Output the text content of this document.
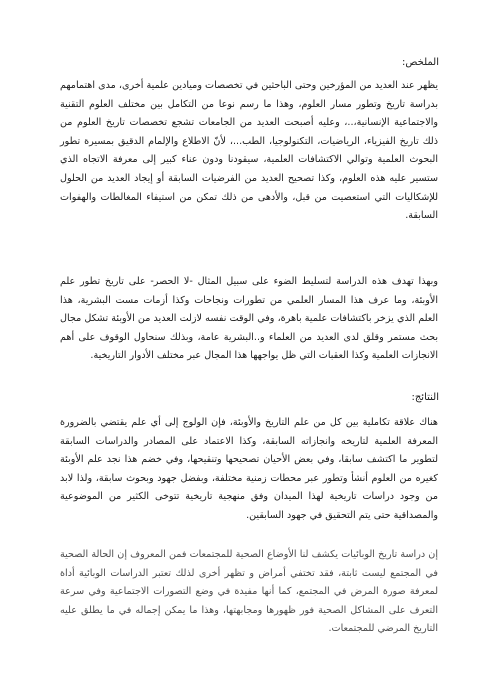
الملخص:

يظهر عند العديد من المؤرخين وحتى الباحثين في تخصصات وميادين علمية أخرى، مدى اهتمامهم بدراسة تاريخ وتطور مسار العلوم، وهذا ما رسم نوعا من التكامل بين مختلف العلوم التقنية والاجتماعية الإنسانية،..، وعليه أصبحت العديد من الجامعات تشجع تخصصات تاريخ العلوم من ذلك تاريخ الفيزياء، الرياضيات، التكنولوجيا، الطب...، لأنّ الاطلاع والإلمام الدقيق بمسيرة تطور البحوث العلمية وتوالي الاكتشافات العلمية، سيقودنا ودون عناء كبير إلى معرفة الاتجاه الذي ستسير عليه هذه العلوم، وكذا تصحيح العديد من الفرضيات السابقة أو إيجاد العديد من الحلول للإشكاليات التي استعصيت من قبل، والأدهى من ذلك تمكن من استيفاء المغالطات والهفوات السابقة.

وبهذا تهدف هذه الدراسة لتسليط الضوء على سبيل المثال -لا الحصر- على تاريخ تطور علم الأوبئة، وما عرف هذا المسار العلمي من تطورات ونجاحات وكذا أزمات مست البشرية، هذا العلم الذي يزخر باكتشافات علمية باهرة، وفي الوقت نفسه لازلت العديد من الأوبئة تشكل مجال بحث مستمر وقلق لدى العديد من العلماء و..البشرية عامة، وبذلك سنحاول الوقوف على أهم الانجازات العلمية وكذا العقبات التي ظل يواجهها هذا المجال عبر مختلف الأدوار التاريخية.

النتائج:

هناك علاقة تكاملية بين كل من علم التاريخ والأوبئة، فإن الولوج إلى أي علم يقتضي بالضرورة المعرفة العلمية لتاريخه وانجازاته السابقة، وكذا الاعتماد على المصادر والدراسات السابقة لتطوير ما اكتشف سابقا، وفي بعض الأحيان تصحيحها وتنقيحها، وفي خضم هذا نجد علم الأوبئة كغيره من العلوم أنشأ وتطور عبر محطات زمنية مختلفة، وبفضل جهود وبحوث سابقة، ولذا لابد من وجود دراسات تاريخية لهذا الميدان وفق منهجية تاريخية تتوخى الكثير من الموضوعية والمصداقية حتى يتم التحقيق في جهود السابقين.

إن دراسة تاريخ الوبائيات يكشف لنا الأوضاع الصحية للمجتمعات فمن المعروف إن الحالة الصحية في المجتمع ليست ثابتة، فقد تختفي أمراض و تظهر أخرى لذلك تعتبر الدراسات الوبائية أداة لمعرفة صورة المرض في المجتمع، كما أنها مفيدة في وضع التصورات الاجتماعية وفي سرعة التعرف على المشاكل الصحية فور ظهورها ومجابهتها، وهذا ما يمكن إجماله في ما يطلق عليه التاريخ المرضي للمجتمعات.
